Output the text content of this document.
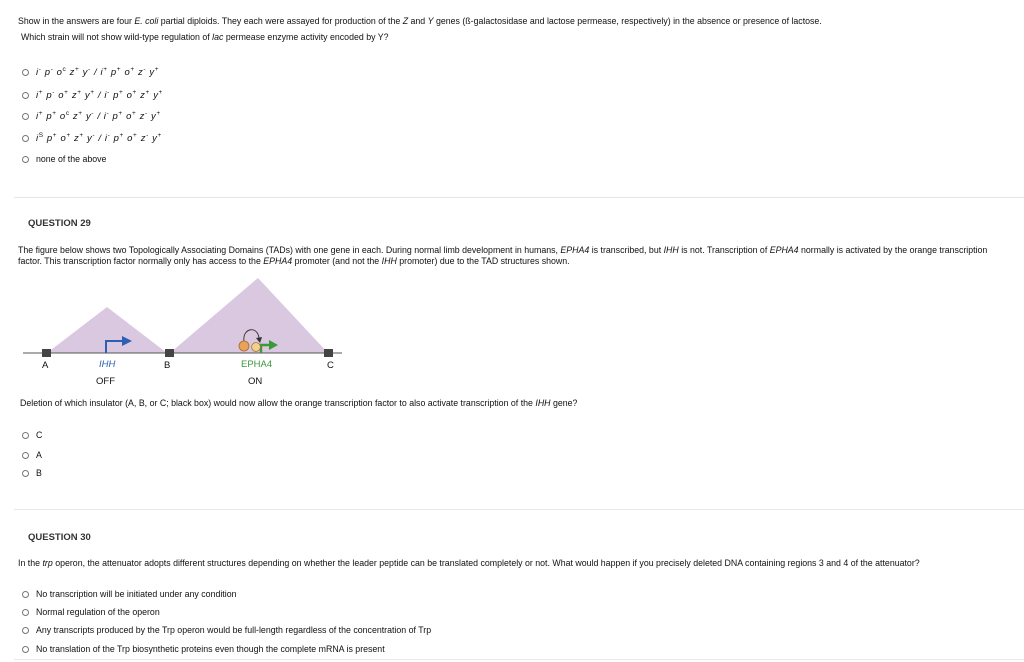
Show in the answers are four E. coli partial diploids. They each were assayed for production of the Z and Y genes (ß-galactosidase and lactose permease, respectively) in the absence or presence of lactose.
Which strain will not show wild-type regulation of lac permease enzyme activity encoded by Y?
i- p- $o^c$ z+ y- / i+ p+ o+ z- y+
i+ p- o+ z+ y+ / i- p+ o+ z+ y+
i+ p+ $o^c$ z+ y- / i- p+ o+ z- y+
$i^S$ p+ o+ z+ y- / i- p+ o+ z- y+
none of the above
QUESTION 29
The figure below shows two Topologically Associating Domains (TADs) with one gene in each. During normal limb development in humans, EPHA4 is transcribed, but IHH is not. Transcription of EPHA4 normally is activated by the orange transcription factor. This transcription factor normally only has access to the EPHA4 promoter (and not the IHH promoter) due to the TAD structures shown.
A	B	C
IHH
OFF
EPHA4
ON
Deletion of which insulator (A, B, or C; black box) would now allow the orange transcription factor to also activate transcription of the IHH gene?
C
A
B
QUESTION 30
In the trp operon, the attenuator adopts different structures depending on whether the leader peptide can be translated completely or not. What would happen if you precisely deleted DNA containing regions 3 and 4 of the attenuator?
No transcription will be initiated under any condition
Normal regulation of the operon
Any transcripts produced by the Trp operon would be full-length regardless of the concentration of Trp
No translation of the Trp biosynthetic proteins even though the complete mRNA is present
